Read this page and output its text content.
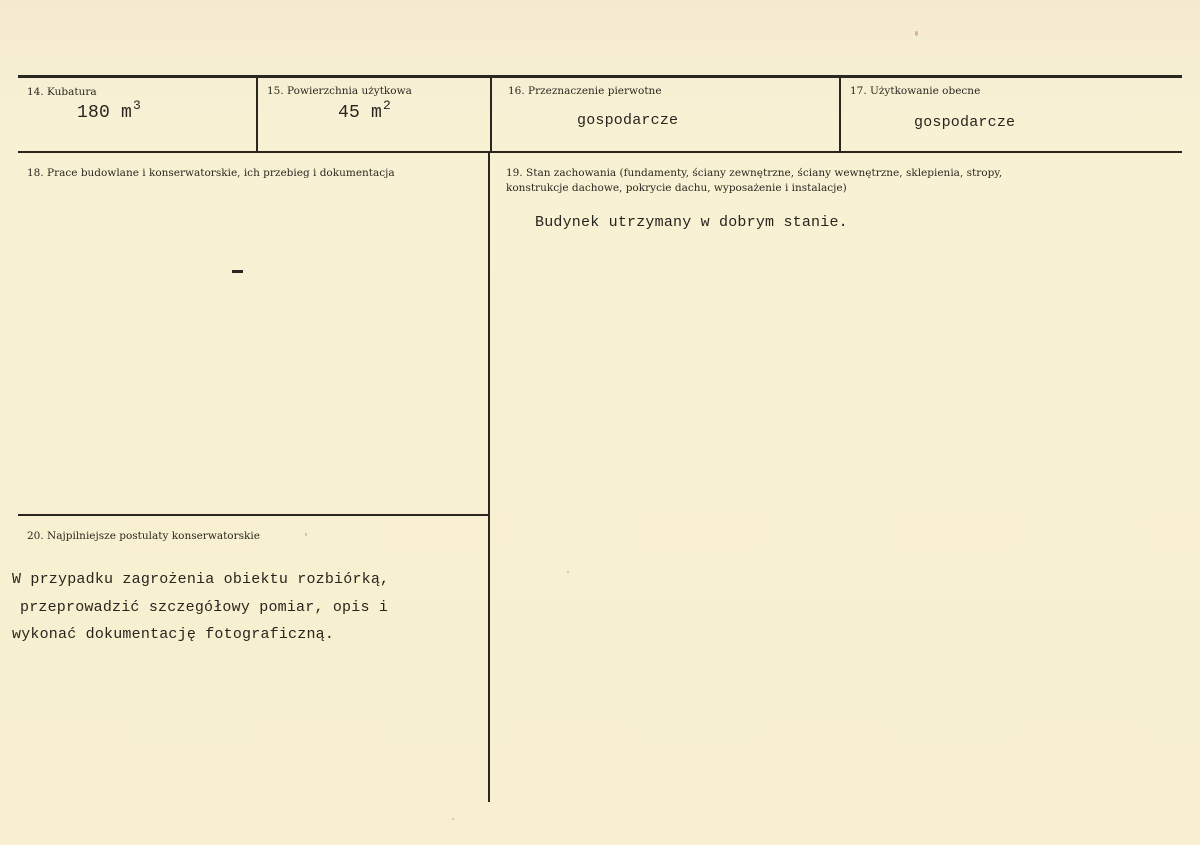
14. Kubatura
180 $m^3$
15. Powierzchnia użytkowa
45 $m^2$
16. Przeznaczenie pierwotne
gospodarcze
17. Użytkowanie obecne
gospodarcze
18. Prace budowlane i konserwatorskie, ich przebieg i dokumentacja	19. Stan zachowania (fundamenty, ściany zewnętrzne, ściany wewnętrzne, sklepienia, stropy,
konstrukcje dachowe, pokrycie dachu, wyposażenie i instalacje)
Budynek utrzymany w dobrym stanie.
20. Najpilniejsze postulaty konserwatorskie
W przypadku zagrożenia obiektu rozbiórką,
przeprowadzić szczegółowy pomiar, opis i
wykonać dokumentację fotograficzną.
